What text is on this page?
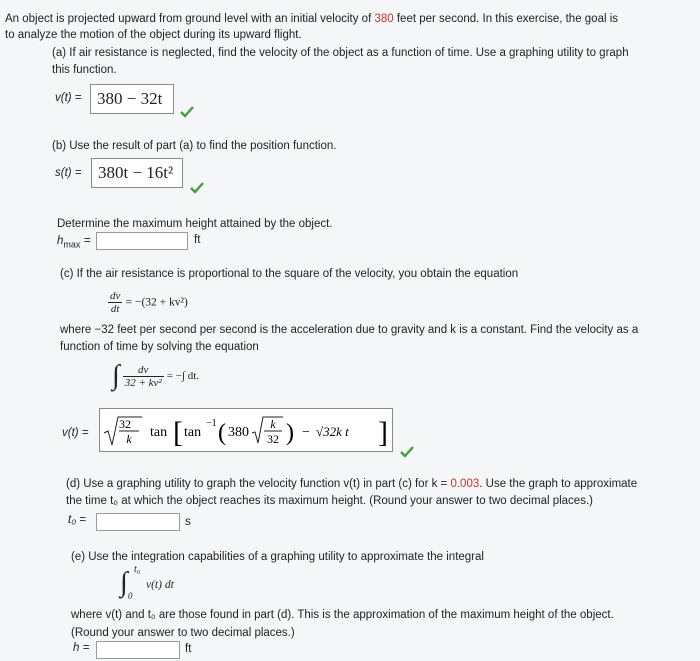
An object is projected upward from ground level with an initial velocity of 380 feet per second. In this exercise, the goal is
to analyze the motion of the object during its upward flight.
(a) If air resistance is neglected, find the velocity of the object as a function of time. Use a graphing utility to graph
this function.
v(t) = 380 − 32t
(b) Use the result of part (a) to find the position function.
s(t) = 380t − 16t²
Determine the maximum height attained by the object.
$h_{max}$ =	ft
(c) If the air resistance is proportional to the square of the velocity, you obtain the equation
$\frac{dv}{dt} = -(32 + kv^2)$
where −32 feet per second per second is the acceleration due to gravity and k is a constant. Find the velocity as a
function of time by solving the equation
∫ $\frac{dv}{\text{32 + kv²}}$ = −∫ dt.
v(t) =
32
k tan [ tan
−1 ( 380
k
32 ) − √32k t ]
(d) Use a graphing utility to graph the velocity function v(t) in part (c) for k = 0.003. Use the graph to approximate
the time t₀ at which the object reaches its maximum height. (Round your answer to two decimal places.)
t₀ =	s
(e) Use the integration capabilities of a graphing utility to approximate the integral
∫ t₀
0
v(t) dt
where v(t) and t₀ are those found in part (d). This is the approximation of the maximum height of the object.
(Round your answer to two decimal places.)
h =	ft
